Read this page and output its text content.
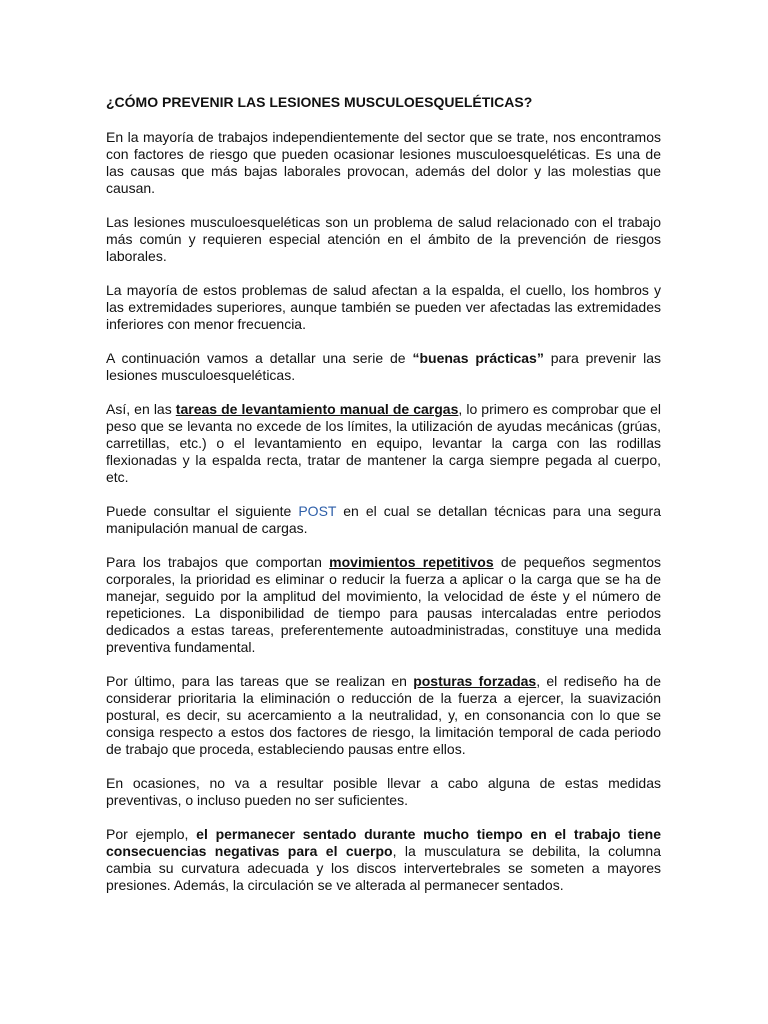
¿CÓMO PREVENIR LAS LESIONES MUSCULOESQUELÉTICAS?

En la mayoría de trabajos independientemente del sector que se trate, nos encontramos con factores de riesgo que pueden ocasionar lesiones musculoesqueléticas. Es una de las causas que más bajas laborales provocan, además del dolor y las molestias que causan.

Las lesiones musculoesqueléticas son un problema de salud relacionado con el trabajo más común y requieren especial atención en el ámbito de la prevención de riesgos laborales.

La mayoría de estos problemas de salud afectan a la espalda, el cuello, los hombros y las extremidades superiores, aunque también se pueden ver afectadas las extremidades inferiores con menor frecuencia.

A continuación vamos a detallar una serie de “buenas prácticas” para prevenir las lesiones musculoesqueléticas.

Así, en las tareas de levantamiento manual de cargas, lo primero es comprobar que el peso que se levanta no excede de los límites, la utilización de ayudas mecánicas (grúas, carretillas, etc.) o el levantamiento en equipo, levantar la carga con las rodillas flexionadas y la espalda recta, tratar de mantener la carga siempre pegada al cuerpo, etc.

Puede consultar el siguiente POST en el cual se detallan técnicas para una segura manipulación manual de cargas.

Para los trabajos que comportan movimientos repetitivos de pequeños segmentos corporales, la prioridad es eliminar o reducir la fuerza a aplicar o la carga que se ha de manejar, seguido por la amplitud del movimiento, la velocidad de éste y el número de repeticiones. La disponibilidad de tiempo para pausas intercaladas entre periodos dedicados a estas tareas, preferentemente autoadministradas, constituye una medida preventiva fundamental.

Por último, para las tareas que se realizan en posturas forzadas, el rediseño ha de considerar prioritaria la eliminación o reducción de la fuerza a ejercer, la suavización postural, es decir, su acercamiento a la neutralidad, y, en consonancia con lo que se consiga respecto a estos dos factores de riesgo, la limitación temporal de cada periodo de trabajo que proceda, estableciendo pausas entre ellos.

En ocasiones, no va a resultar posible llevar a cabo alguna de estas medidas preventivas, o incluso pueden no ser suficientes.

Por ejemplo, el permanecer sentado durante mucho tiempo en el trabajo tiene consecuencias negativas para el cuerpo, la musculatura se debilita, la columna cambia su curvatura adecuada y los discos intervertebrales se someten a mayores presiones. Además, la circulación se ve alterada al permanecer sentados.
